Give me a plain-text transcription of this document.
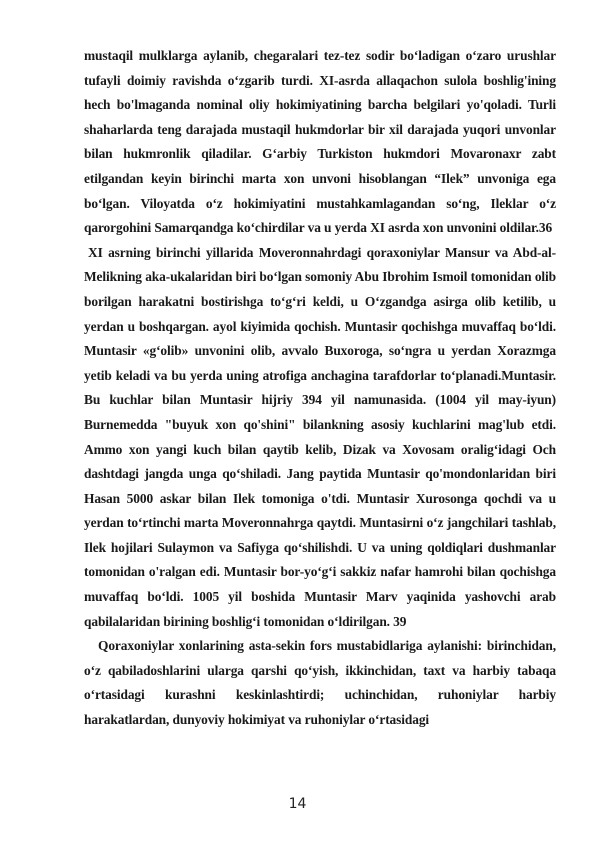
mustaqil mulklarga aylanib, chegaralari tez-tez sodir bo‘ladigan o‘zaro urushlar tufayli doimiy ravishda o‘zgarib turdi. XI-asrda allaqachon sulola boshlig'ining hech bo'lmaganda nominal oliy hokimiyatining barcha belgilari yo'qoladi. Turli shaharlarda teng darajada mustaqil hukmdorlar bir xil darajada yuqori unvonlar bilan hukmronlik qiladilar. G‘arbiy Turkiston hukmdori Movaronaxr zabt etilgandan keyin birinchi marta xon unvoni hisoblangan “Ilek” unvoniga ega bo‘lgan. Viloyatda o‘z hokimiyatini mustahkamlagandan so‘ng, Ileklar o‘z qarorgohini Samarqandga ko‘chirdilar va u yerda XI asrda xon unvonini oldilar.36

XI asrning birinchi yillarida Moveronnahrdagi qoraxoniylar Mansur va Abd-al-Melikning aka-ukalaridan biri bo‘lgan somoniy Abu Ibrohim Ismoil tomonidan olib borilgan harakatni bostirishga to‘g‘ri keldi, u O‘zgandga asirga olib ketilib, u yerdan u boshqargan. ayol kiyimida qochish. Muntasir qochishga muvaffaq bo‘ldi. Muntasir «g‘olib» unvonini olib, avvalo Buxoroga, so‘ngra u yerdan Xorazmga yetib keladi va bu yerda uning atrofiga anchagina tarafdorlar to‘planadi.Muntasir. Bu kuchlar bilan Muntasir hijriy 394 yil namunasida. (1004 yil may-iyun) Burnemedda "buyuk xon qo'shini" bilankning asosiy kuchlarini mag'lub etdi. Ammo xon yangi kuch bilan qaytib kelib, Dizak va Xovosam oralig‘idagi Och dashtdagi jangda unga qo‘shiladi. Jang paytida Muntasir qo'mondonlaridan biri Hasan 5000 askar bilan Ilek tomoniga o'tdi. Muntasir Xurosonga qochdi va u yerdan to‘rtinchi marta Moveronnahrga qaytdi. Muntasirni o‘z jangchilari tashlab, Ilek hojilari Sulaymon va Safiyga qo‘shilishdi. U va uning qoldiqlari dushmanlar tomonidan o'ralgan edi. Muntasir bor-yo‘g‘i sakkiz nafar hamrohi bilan qochishga muvaffaq bo‘ldi. 1005 yil boshida Muntasir Marv yaqinida yashovchi arab qabilalaridan birining boshlig‘i tomonidan o‘ldirilgan. 39

Qoraxoniylar xonlarining asta-sekin fors mustabidlariga aylanishi: birinchidan, o‘z qabiladoshlarini ularga qarshi qo‘yish, ikkinchidan, taxt va harbiy tabaqa o‘rtasidagi kurashni keskinlashtirdi; uchinchidan, ruhoniylar harbiy harakatlardan, dunyoviy hokimiyat va ruhoniylar o‘rtasidagi

14
